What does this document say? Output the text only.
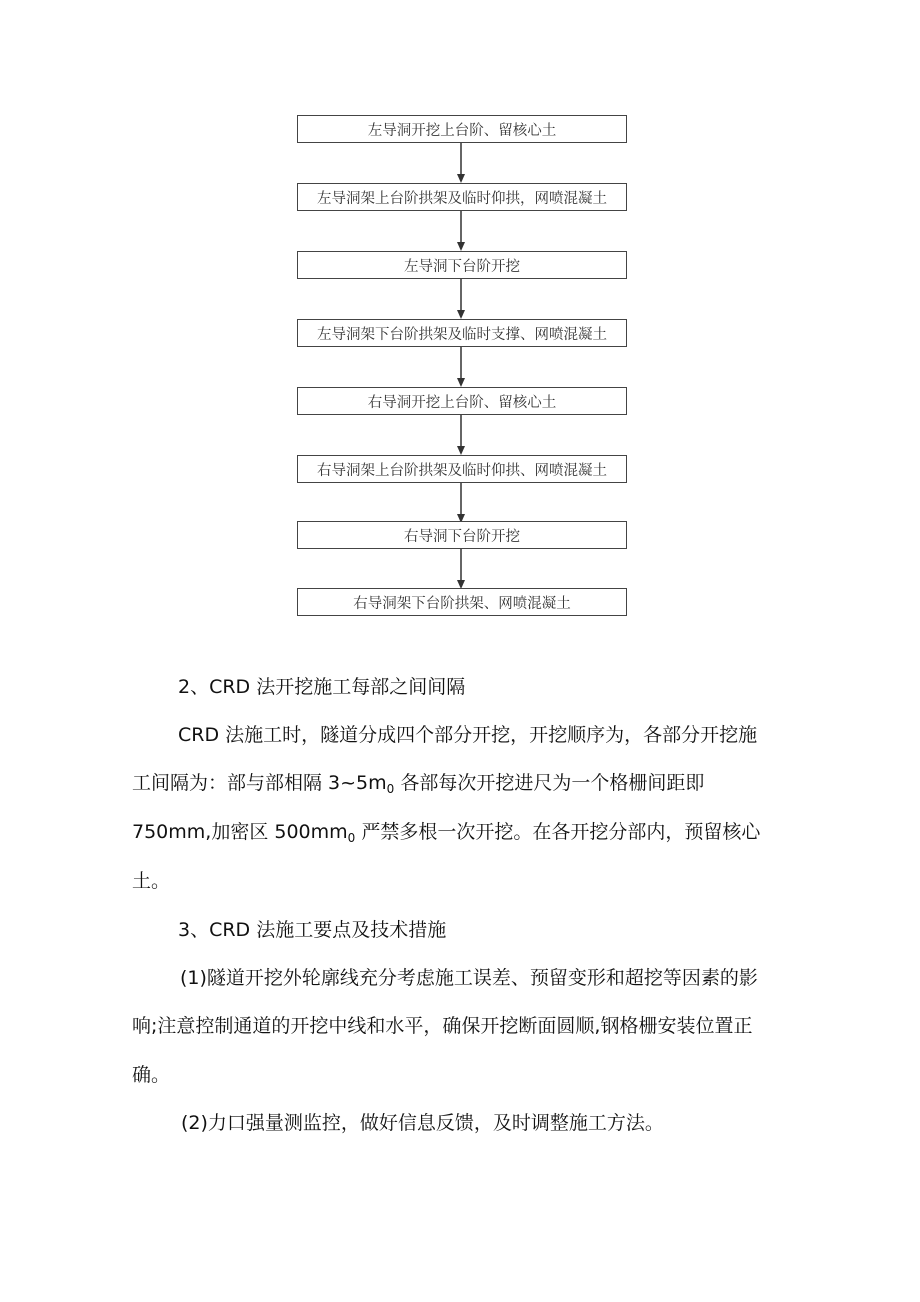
左导洞开挖上台阶、留核心土
左导洞架上台阶拱架及临时仰拱，网喷混凝土
左导洞下台阶开挖
左导洞架下台阶拱架及临时支撑、网喷混凝土
右导洞开挖上台阶、留核心土
右导洞架上台阶拱架及临时仰拱、网喷混凝土
右导洞下台阶开挖
右导洞架下台阶拱架、网喷混凝土

2、CRD 法开挖施工每部之间间隔

CRD 法施工时，隧道分成四个部分开挖，开挖顺序为，各部分开挖施

工间隔为：部与部相隔 $3\sim 5m_0$ 各部每次开挖进尺为一个格栅间距即

750mm,加密区 $500mm_0$ 严禁多根一次开挖。在各开挖分部内，预留核心

土。

3、CRD 法施工要点及技术措施

(1)隧道开挖外轮廓线充分考虑施工误差、预留变形和超挖等因素的影

响;注意控制通道的开挖中线和水平，确保开挖断面圆顺,钢格栅安装位置正

确。

(2)力口强量测监控，做好信息反馈，及时调整施工方法。
